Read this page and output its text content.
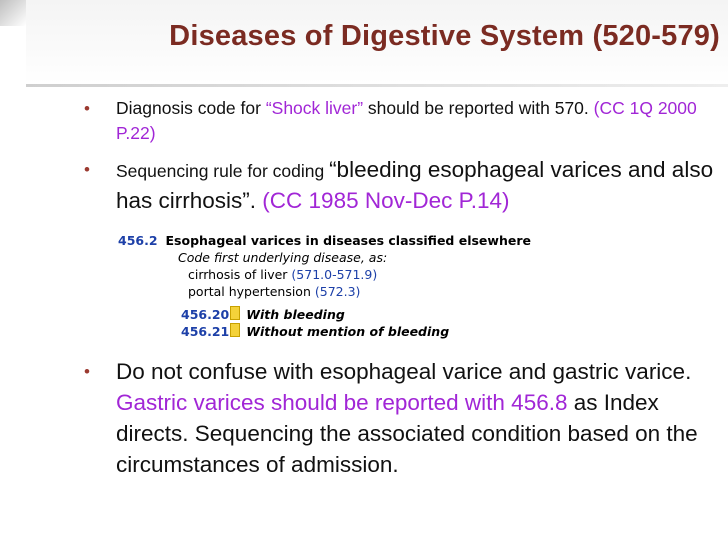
Diseases of Digestive System (520-579)

• Diagnosis code for “Shock liver” should be reported with 570. (CC 1Q 2000 P.22)

• Sequencing rule for coding “bleeding esophageal varices and also has cirrhosis”. (CC 1985 Nov-Dec P.14)

456.2 Esophageal varices in diseases classified elsewhere
Code first underlying disease, as:
cirrhosis of liver (571.0-571.9)
portal hypertension (572.3)
456.20 With bleeding
456.21 Without mention of bleeding

• Do not confuse with esophageal varice and gastric varice. Gastric varices should be reported with 456.8 as Index directs. Sequencing the associated condition based on the circumstances of admission.
